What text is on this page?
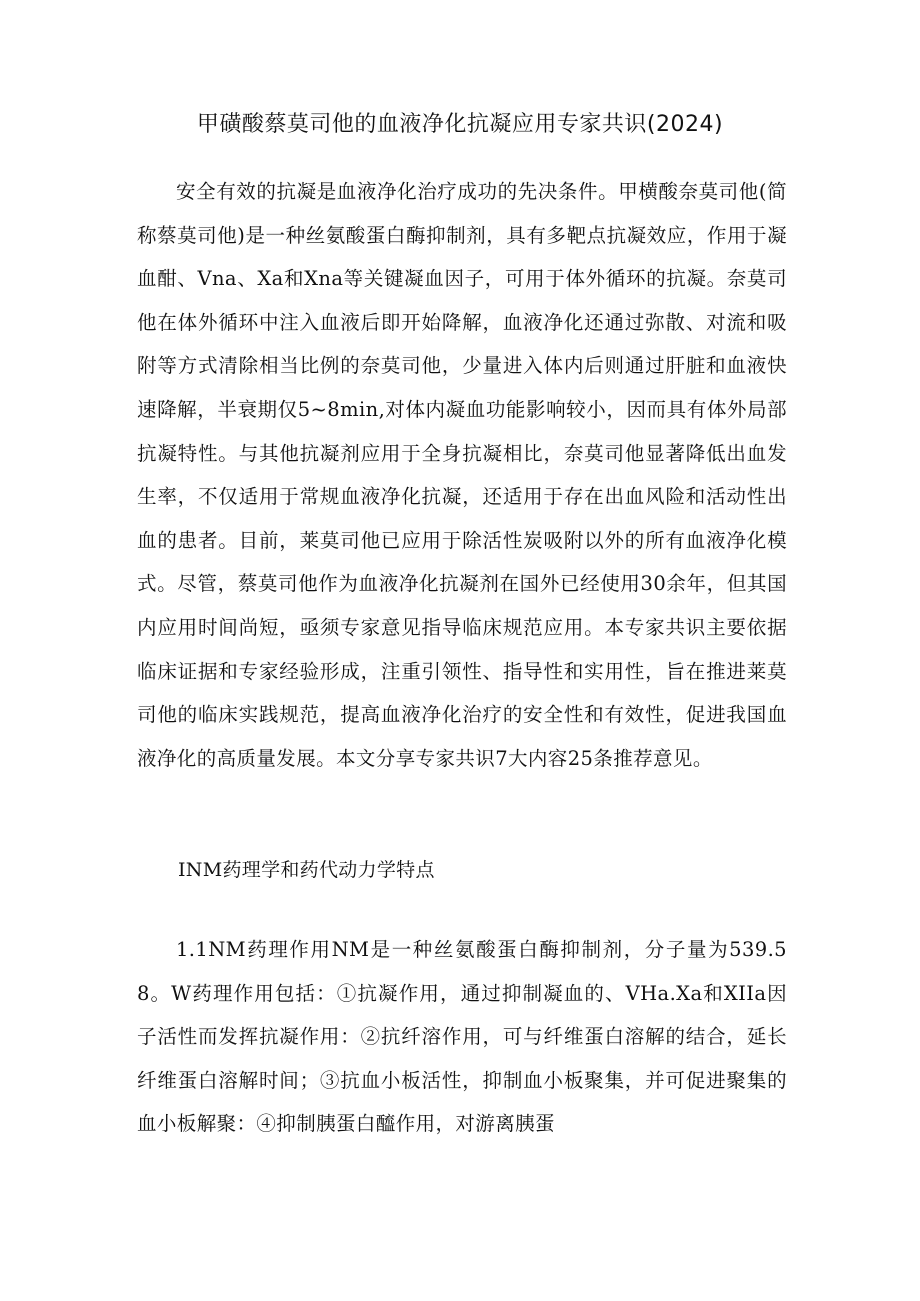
甲磺酸蔡莫司他的血液净化抗凝应用专家共识(2024)

安全有效的抗凝是血液净化治疗成功的先决条件。甲横酸奈莫司他(简称蔡莫司他)是一种丝氨酸蛋白酶抑制剂，具有多靶点抗凝效应，作用于凝血酣、Vna、Xa和Xna等关键凝血因子，可用于体外循环的抗凝。奈莫司他在体外循环中注入血液后即开始降解，血液净化还通过弥散、对流和吸附等方式清除相当比例的奈莫司他，少量进入体内后则通过肝脏和血液快速降解，半衰期仅5~8min,对体内凝血功能影响较小，因而具有体外局部抗凝特性。与其他抗凝剂应用于全身抗凝相比，奈莫司他显著降低出血发生率，不仅适用于常规血液净化抗凝，还适用于存在出血风险和活动性出血的患者。目前，莱莫司他已应用于除活性炭吸附以外的所有血液净化模式。尽管，蔡莫司他作为血液净化抗凝剂在国外已经使用30余年，但其国内应用时间尚短，亟须专家意见指导临床规范应用。本专家共识主要依据临床证据和专家经验形成，注重引领性、指导性和实用性，旨在推进莱莫司他的临床实践规范，提高血液净化治疗的安全性和有效性，促进我国血液净化的高质量发展。本文分享专家共识7大内容25条推荐意见。

INM药理学和药代动力学特点

1.1NM药理作用NM是一种丝氨酸蛋白酶抑制剂，分子量为539.58。W药理作用包括：①抗凝作用，通过抑制凝血的、VHa.Xa和XIIa因子活性而发挥抗凝作用：②抗纤溶作用，可与纤维蛋白溶解的结合，延长纤维蛋白溶解时间；③抗血小板活性，抑制血小板聚集，并可促进聚集的血小板解聚：④抑制胰蛋白醯作用，对游离胰蛋
